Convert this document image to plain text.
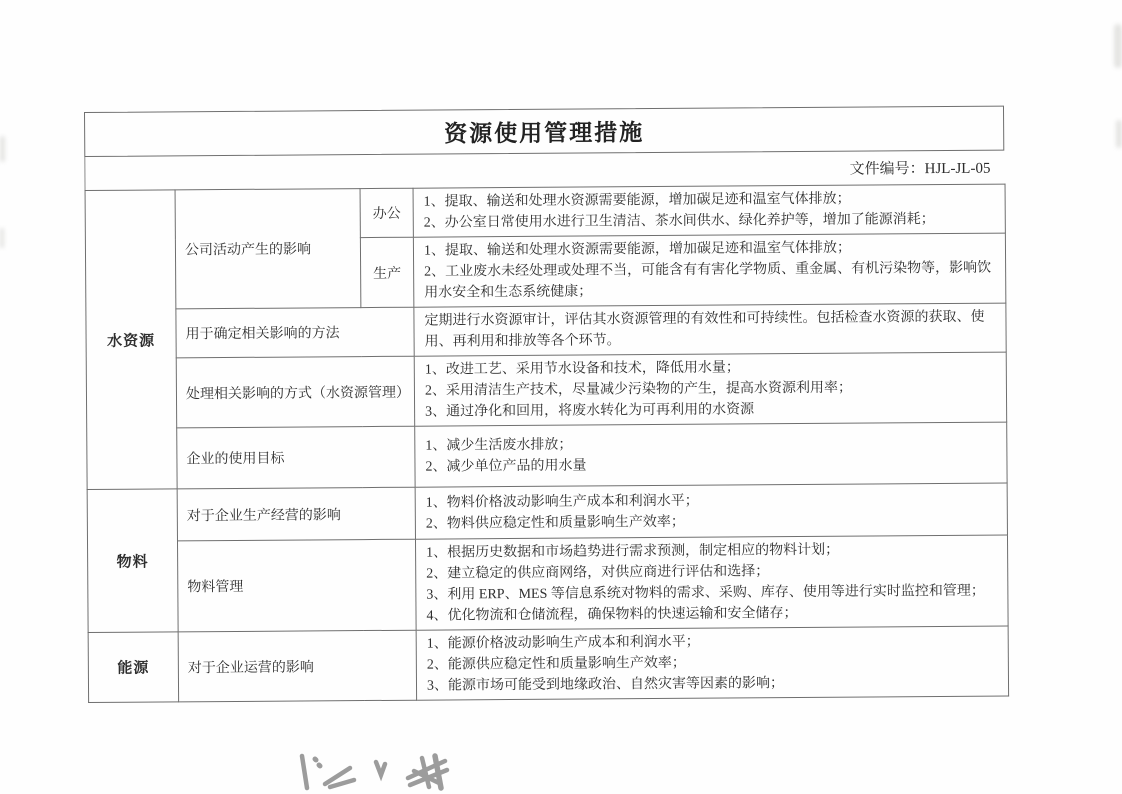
资源使用管理措施
文件编号：HJL-JL-05
水资源	公司活动产生的影响	办公	1、提取、输送和处理水资源需要能源，增加碳足迹和温室气体排放；
2、办公室日常使用水进行卫生清洁、茶水间供水、绿化养护等，增加了能源消耗；

		生产	1、提取、输送和处理水资源需要能源，增加碳足迹和温室气体排放；
2、工业废水未经处理或处理不当，可能含有有害化学物质、重金属、有机污染物等，影响饮用水安全和生态系统健康；

	用于确定相关影响的方法		定期进行水资源审计，评估其水资源管理的有效性和可持续性。包括检查水资源的获取、使用、再利用和排放等各个环节。

	处理相关影响的方式（水资源管理）		1、改进工艺、采用节水设备和技术，降低用水量；
2、采用清洁生产技术，尽量减少污染物的产生，提高水资源利用率；
3、通过净化和回用，将废水转化为可再利用的水资源

	企业的使用目标		1、减少生活废水排放；
2、减少单位产品的用水量

物料	对于企业生产经营的影响		1、物料价格波动影响生产成本和利润水平；
2、物料供应稳定性和质量影响生产效率；

	物料管理		1、根据历史数据和市场趋势进行需求预测，制定相应的物料计划；
2、建立稳定的供应商网络，对供应商进行评估和选择；
3、利用 ERP、MES 等信息系统对物料的需求、采购、库存、使用等进行实时监控和管理；
4、优化物流和仓储流程，确保物料的快速运输和安全储存；

能源	对于企业运营的影响		1、能源价格波动影响生产成本和利润水平；
2、能源供应稳定性和质量影响生产效率；
3、能源市场可能受到地缘政治、自然灾害等因素的影响；
